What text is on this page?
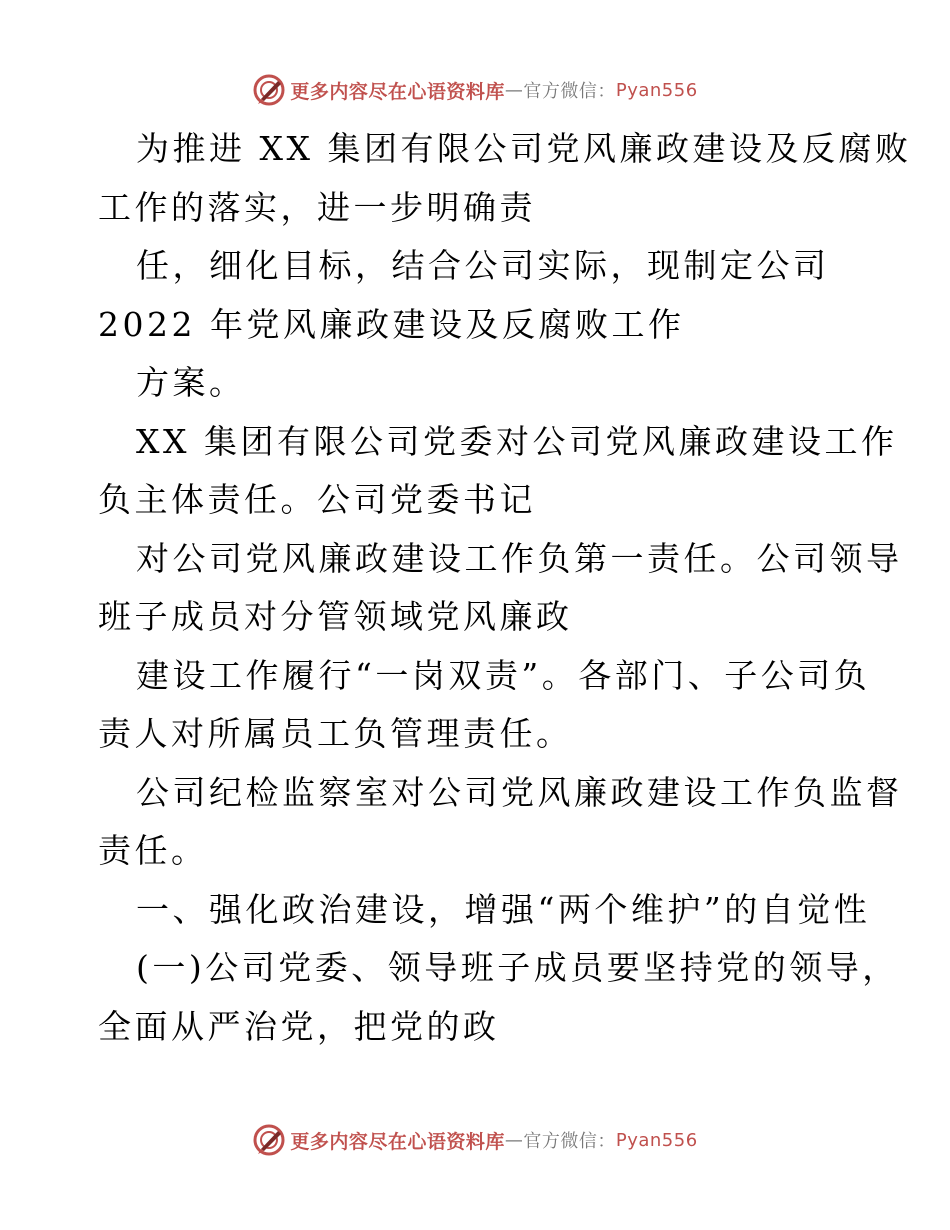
更多内容尽在心语资料库 — 官方微信： Pyan556
为推进 XX 集团有限公司党风廉政建设及反腐败
工作的落实，进一步明确责
任，细化目标，结合公司实际，现制定公司
2022 年党风廉政建设及反腐败工作
方案。
XX 集团有限公司党委对公司党风廉政建设工作
负主体责任。公司党委书记
对公司党风廉政建设工作负第一责任。公司领导
班子成员对分管领域党风廉政
建设工作履行“一岗双责”。各部门、子公司负
责人对所属员工负管理责任。
公司纪检监察室对公司党风廉政建设工作负监督
责任。
一、强化政治建设，增强“两个维护”的自觉性
(一)公司党委、领导班子成员要坚持党的领导，
全面从严治党，把党的政
更多内容尽在心语资料库 — 官方微信： Pyan556
